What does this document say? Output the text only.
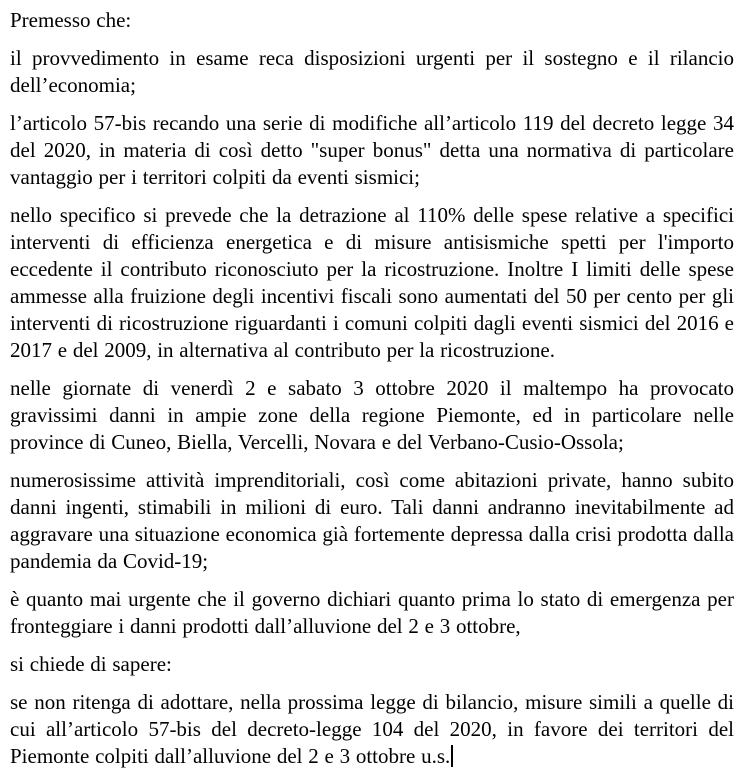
Premesso che:

il provvedimento in esame reca disposizioni urgenti per il sostegno e il rilancio dell’economia;

l’articolo 57-bis recando una serie di modifiche all’articolo 119 del decreto legge 34 del 2020, in materia di così detto "super bonus" detta una normativa di particolare vantaggio per i territori colpiti da eventi sismici;

nello specifico si prevede che la detrazione al 110% delle spese relative a specifici interventi di efficienza energetica e di misure antisismiche spetti per l'importo eccedente il contributo riconosciuto per la ricostruzione. Inoltre I limiti delle spese ammesse alla fruizione degli incentivi fiscali sono aumentati del 50 per cento per gli interventi di ricostruzione riguardanti i comuni colpiti dagli eventi sismici del 2016 e 2017 e del 2009, in alternativa al contributo per la ricostruzione.

nelle giornate di venerdì 2 e sabato 3 ottobre 2020 il maltempo ha provocato gravissimi danni in ampie zone della regione Piemonte, ed in particolare nelle province di Cuneo, Biella, Vercelli, Novara e del Verbano-Cusio-Ossola;

numerosissime attività imprenditoriali, così come abitazioni private, hanno subito danni ingenti, stimabili in milioni di euro. Tali danni andranno inevitabilmente ad aggravare una situazione economica già fortemente depressa dalla crisi prodotta dalla pandemia da Covid-19;

è quanto mai urgente che il governo dichiari quanto prima lo stato di emergenza per fronteggiare i danni prodotti dall’alluvione del 2 e 3 ottobre,

si chiede di sapere:

se non ritenga di adottare, nella prossima legge di bilancio, misure simili a quelle di cui all’articolo 57-bis del decreto-legge 104 del 2020, in favore dei territori del Piemonte colpiti dall’alluvione del 2 e 3 ottobre u.s.
